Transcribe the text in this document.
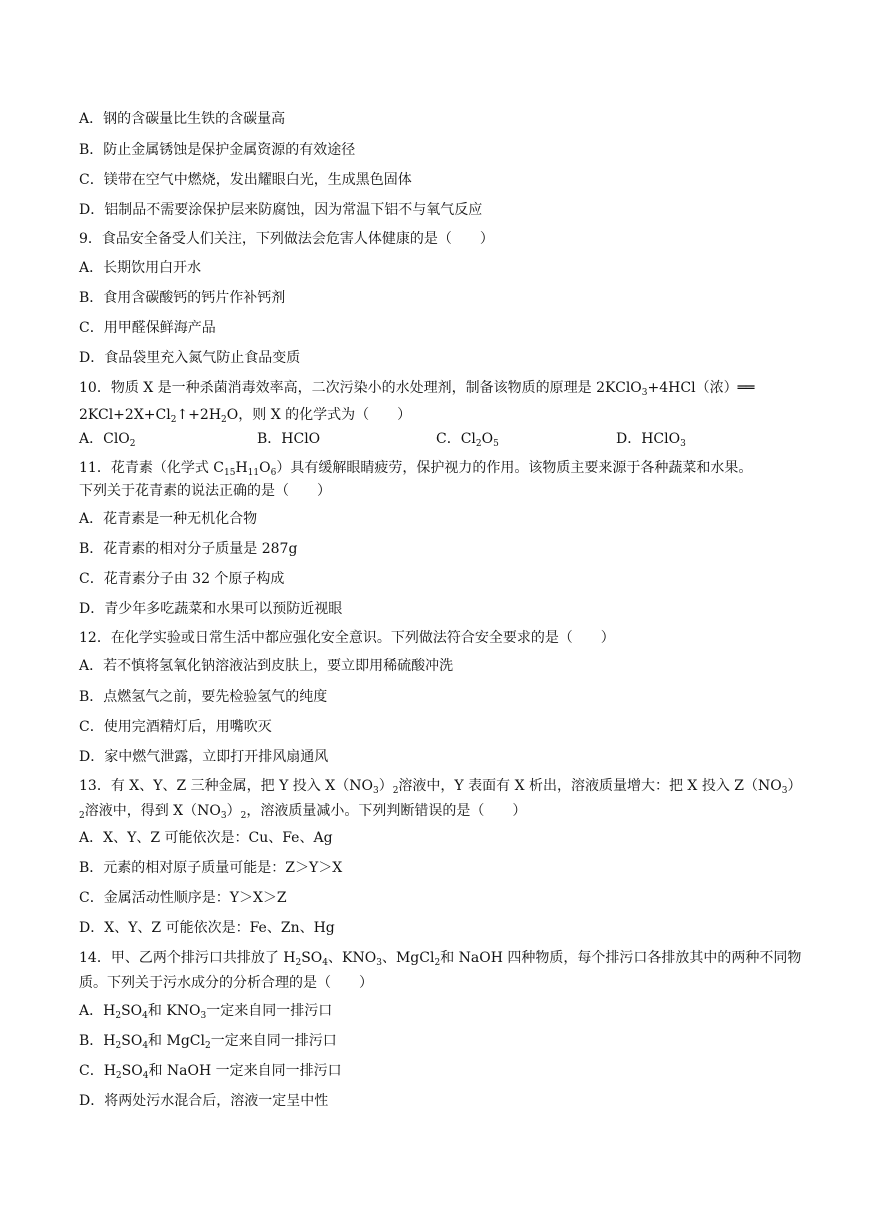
A．钢的含碳量比生铁的含碳量高
B．防止金属锈蚀是保护金属资源的有效途径
C．镁带在空气中燃烧，发出耀眼白光，生成黑色固体
D．铝制品不需要涂保护层来防腐蚀，因为常温下铝不与氧气反应
9．食品安全备受人们关注，下列做法会危害人体健康的是（　　）
A．长期饮用白开水
B．食用含碳酸钙的钙片作补钙剂
C．用甲醛保鲜海产品
D．食品袋里充入氮气防止食品变质
10．物质 X 是一种杀菌消毒效率高，二次污染小的水处理剂，制备该物质的原理是 2KClO$_3$+4HCl（浓）══
$2KCl+2X+Cl_2↑+2H_2O$，则 X 的化学式为（　　）
A．ClO$_2$	B．HClO	C．$Cl_2O_5$	D．HClO$_3$
11．花青素（化学式 $C_{15}H_{11}O_6$）具有缓解眼睛疲劳，保护视力的作用。该物质主要来源于各种蔬菜和水果。
下列关于花青素的说法正确的是（　　）
A．花青素是一种无机化合物
B．花青素的相对分子质量是 287g
C．花青素分子由 32 个原子构成
D．青少年多吃蔬菜和水果可以预防近视眼
12．在化学实验或日常生活中都应强化安全意识。下列做法符合安全要求的是（　　）
A．若不慎将氢氧化钠溶液沾到皮肤上，要立即用稀硫酸冲洗
B．点燃氢气之前，要先检验氢气的纯度
C．使用完酒精灯后，用嘴吹灭
D．家中燃气泄露，立即打开排风扇通风
13．有 X、Y、Z 三种金属，把 Y 投入 $X(NO_3)_2$溶液中，Y 表面有 X 析出，溶液质量增大：把 X 投入 $Z(NO_3)$
$_2$溶液中，得到 $X(NO_3)_2$，溶液质量减小。下列判断错误的是（　　）
A．X、Y、Z 可能依次是：Cu、Fe、Ag
B．元素的相对原子质量可能是：Z＞Y＞X
C．金属活动性顺序是：Y＞X＞Z
D．X、Y、Z 可能依次是：Fe、Zn、Hg
14．甲、乙两个排污口共排放了 $H_2SO_4$、$KNO_3$、MgCl$_2$和 NaOH 四种物质，每个排污口各排放其中的两种不同物
质。下列关于污水成分的分析合理的是（　　）
A．$H_2SO_4$和 $KNO_3$一定来自同一排污口
B．$H_2SO_4$和 MgCl$_2$一定来自同一排污口
C．$H_2SO_4$和 NaOH 一定来自同一排污口
D．将两处污水混合后，溶液一定呈中性
